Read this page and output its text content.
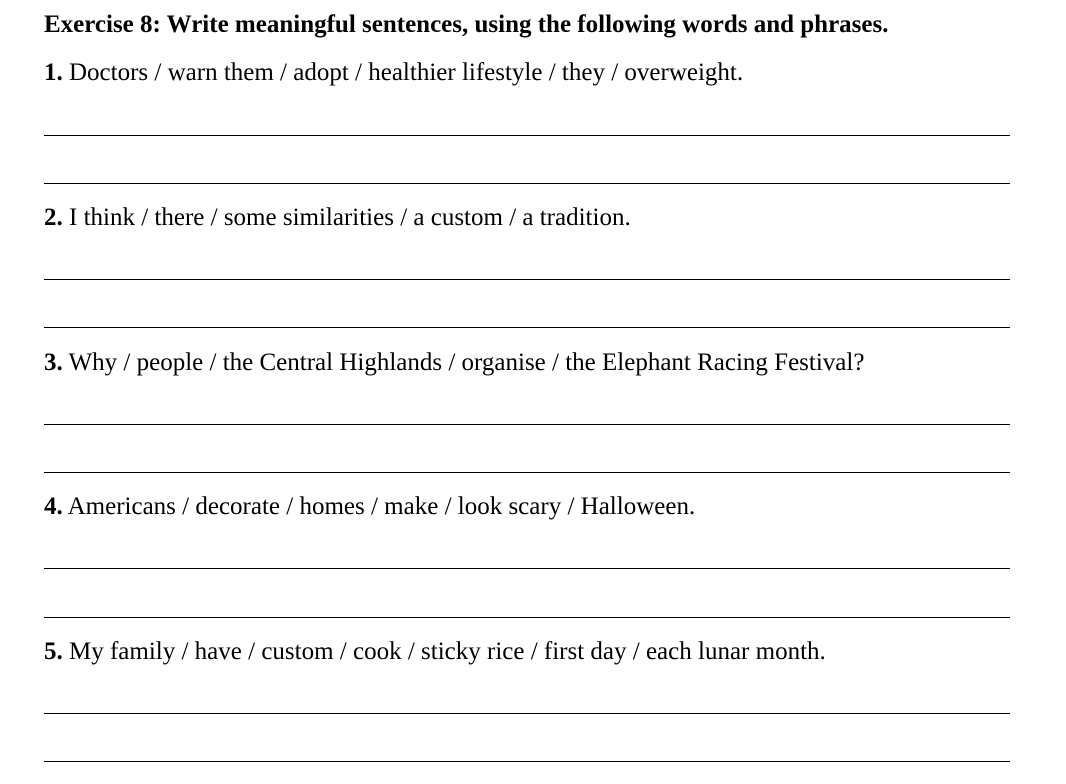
Exercise 8: Write meaningful sentences, using the following words and phrases.
1. Doctors / warn them / adopt / healthier lifestyle / they / overweight.
2. I think / there / some similarities / a custom / a tradition.
3. Why / people / the Central Highlands / organise / the Elephant Racing Festival?
4. Americans / decorate / homes / make / look scary / Halloween.
5. My family / have / custom / cook / sticky rice / first day / each lunar month.
